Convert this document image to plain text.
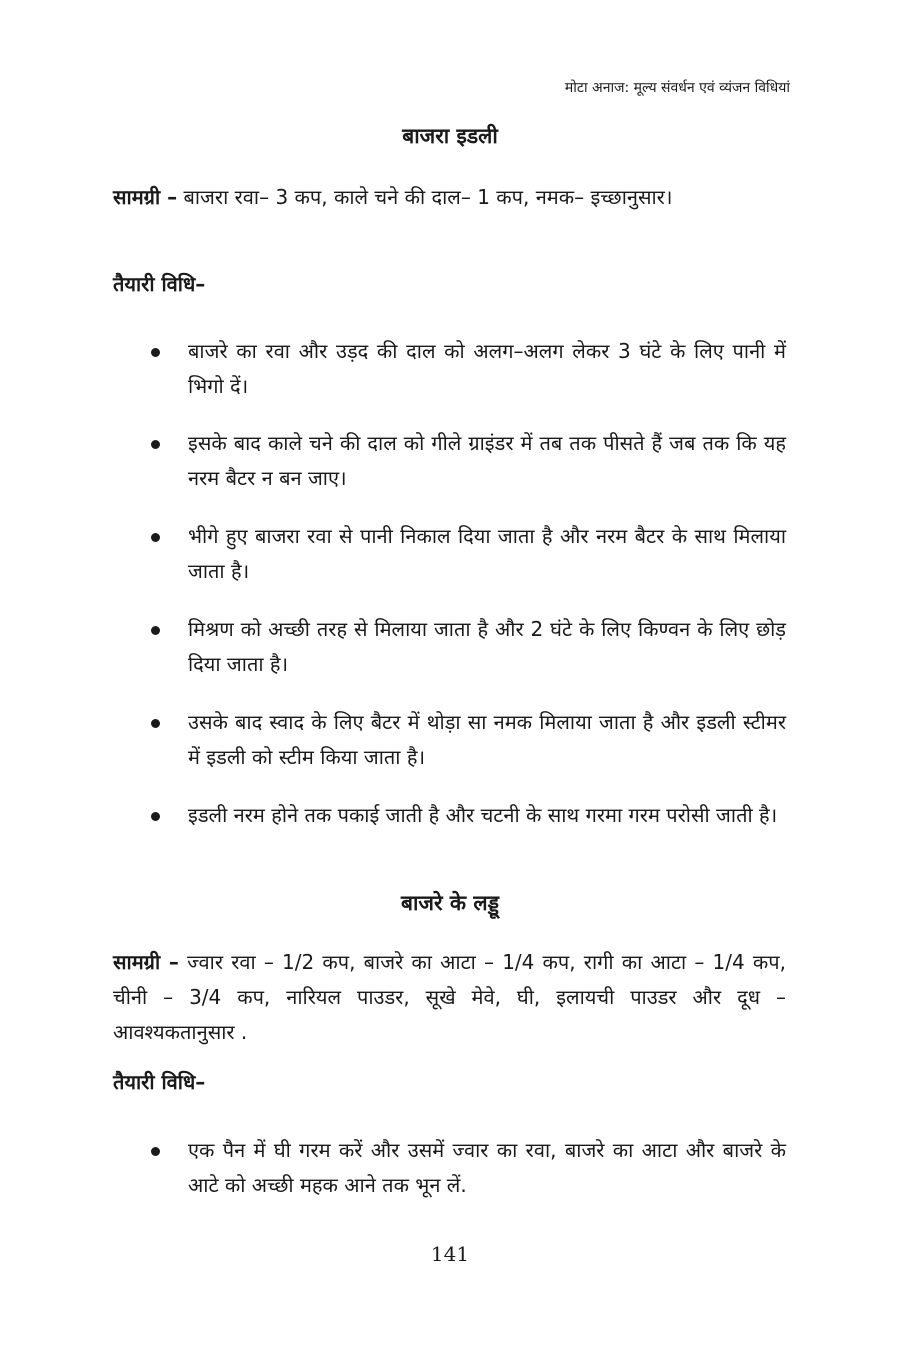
मोटा अनाज: मूल्य संवर्धन एवं व्यंजन विधियां
बाजरा इडली
सामग्री – बाजरा रवा– 3 कप, काले चने की दाल– 1 कप, नमक– इच्छानुसार।
तैयारी विधि–
बाजरे का रवा और उड़द की दाल को अलग–अलग लेकर 3 घंटे के लिए पानी में भिगो दें।
इसके बाद काले चने की दाल को गीले ग्राइंडर में तब तक पीसते हैं जब तक कि यह नरम बैटर न बन जाए।
भीगे हुए बाजरा रवा से पानी निकाल दिया जाता है और नरम बैटर के साथ मिलाया जाता है।
मिश्रण को अच्छी तरह से मिलाया जाता है और 2 घंटे के लिए किण्वन के लिए छोड़ दिया जाता है।
उसके बाद स्वाद के लिए बैटर में थोड़ा सा नमक मिलाया जाता है और इडली स्टीमर में इडली को स्टीम किया जाता है।
इडली नरम होने तक पकाई जाती है और चटनी के साथ गरमा गरम परोसी जाती है।
बाजरे के लड्डू
सामग्री – ज्वार रवा – 1/2 कप, बाजरे का आटा – 1/4 कप, रागी का आटा – 1/4 कप, चीनी – 3/4 कप, नारियल पाउडर, सूखे मेवे, घी, इलायची पाउडर और दूध – आवश्यकतानुसार .
तैयारी विधि–
एक पैन में घी गरम करें और उसमें ज्वार का रवा, बाजरे का आटा और बाजरे के आटे को अच्छी महक आने तक भून लें.
141
